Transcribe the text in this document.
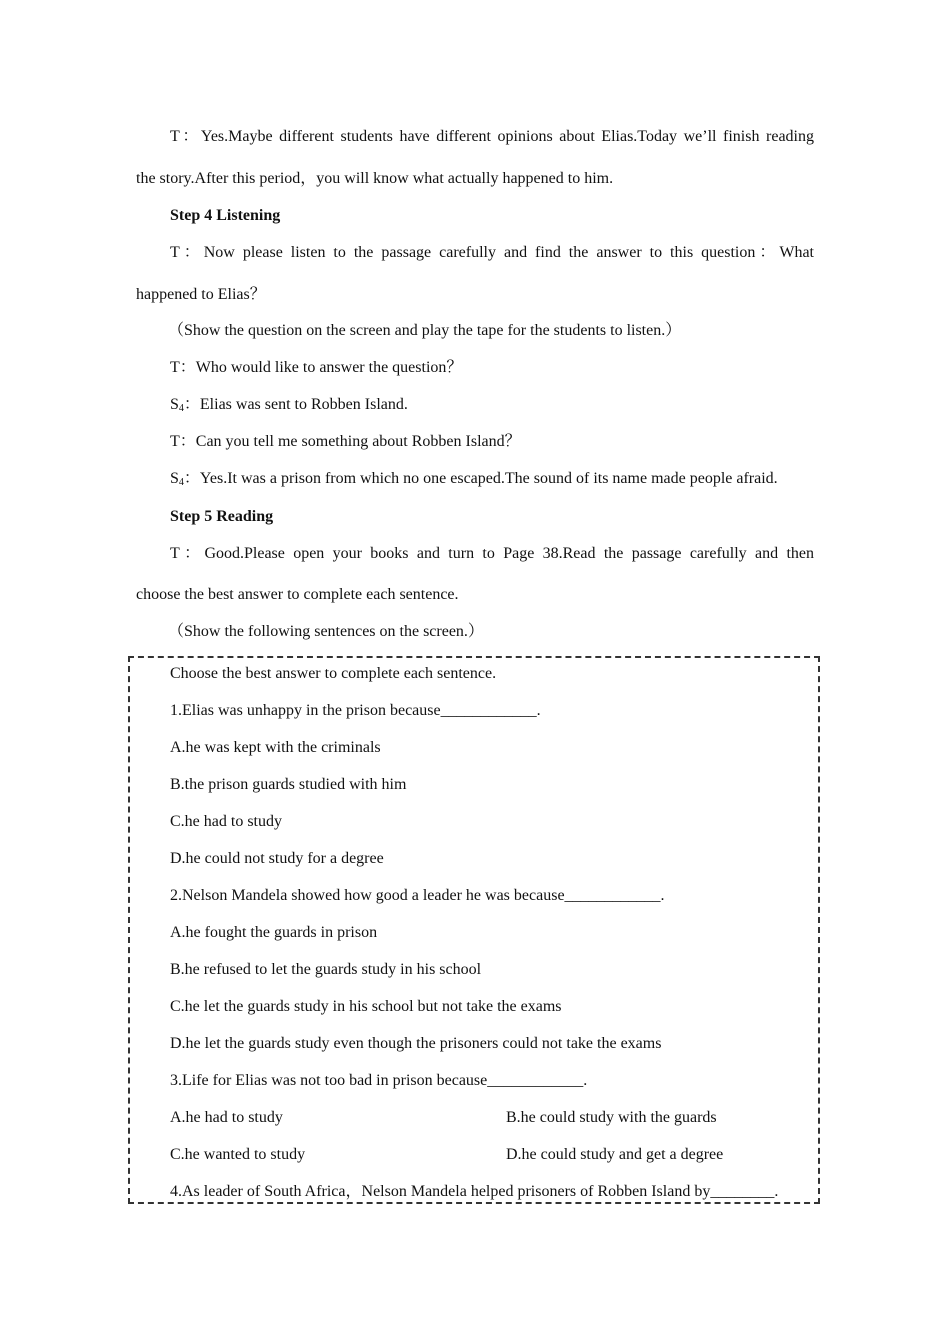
T：Yes.Maybe different students have different opinions about Elias.Today we’ll finish reading
the story.After this period，you will know what actually happened to him.
Step 4 Listening
T：Now please listen to the passage carefully and find the answer to this question：What
happened to Elias？
（Show the question on the screen and play the tape for the students to listen.）
T：Who would like to answer the question？
$S_4$：Elias was sent to Robben Island.
T：Can you tell me something about Robben Island？
$S_4$：Yes.It was a prison from which no one escaped.The sound of its name made people afraid.
Step 5 Reading
T：Good.Please open your books and turn to Page 38.Read the passage carefully and then
choose the best answer to complete each sentence.
（Show the following sentences on the screen.）
Choose the best answer to complete each sentence.
1.Elias was unhappy in the prison because____________.
A.he was kept with the criminals
B.the prison guards studied with him
C.he had to study
D.he could not study for a degree
2.Nelson Mandela showed how good a leader he was because____________.
A.he fought the guards in prison
B.he refused to let the guards study in his school
C.he let the guards study in his school but not take the exams
D.he let the guards study even though the prisoners could not take the exams
3.Life for Elias was not too bad in prison because____________.
A.he had to study	B.he could study with the guards
C.he wanted to study	D.he could study and get a degree
4.As leader of South Africa，Nelson Mandela helped prisoners of Robben Island by________.
